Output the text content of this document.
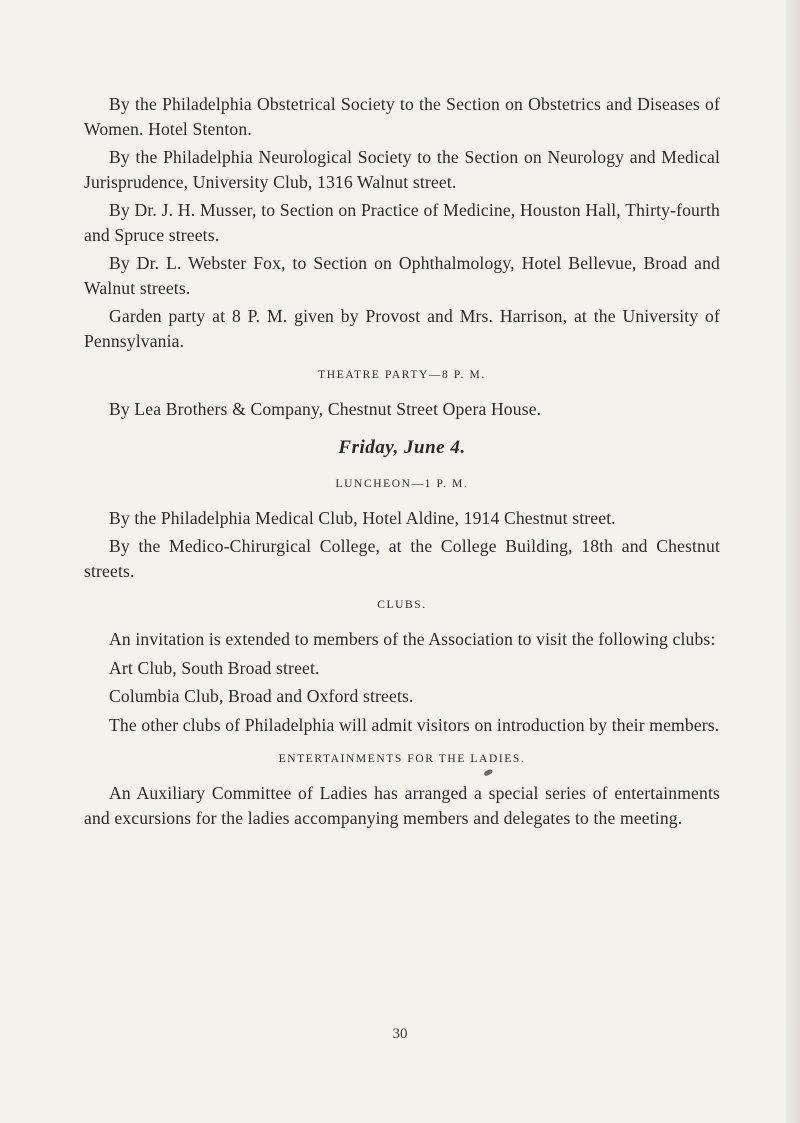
By the Philadelphia Obstetrical Society to the Section on Obstetrics and Diseases of Women. Hotel Stenton.

By the Philadelphia Neurological Society to the Section on Neurology and Medical Jurisprudence, University Club, 1316 Walnut street.

By Dr. J. H. Musser, to Section on Practice of Medicine, Houston Hall, Thirty-fourth and Spruce streets.

By Dr. L. Webster Fox, to Section on Ophthalmology, Hotel Bellevue, Broad and Walnut streets.

Garden party at 8 P. M. given by Provost and Mrs. Harrison, at the University of Pennsylvania.

THEATRE PARTY—8 P. M.

By Lea Brothers & Company, Chestnut Street Opera House.

Friday, June 4.
LUNCHEON—1 P. M.

By the Philadelphia Medical Club, Hotel Aldine, 1914 Chestnut street.

By the Medico-Chirurgical College, at the College Building, 18th and Chestnut streets.

CLUBS.

An invitation is extended to members of the Association to visit the following clubs:

Art Club, South Broad street.

Columbia Club, Broad and Oxford streets.

The other clubs of Philadelphia will admit visitors on introduction by their members.

ENTERTAINMENTS FOR THE LADIES.

An Auxiliary Committee of Ladies has arranged a special series of entertainments and excursions for the ladies accompanying members and delegates to the meeting.

30
